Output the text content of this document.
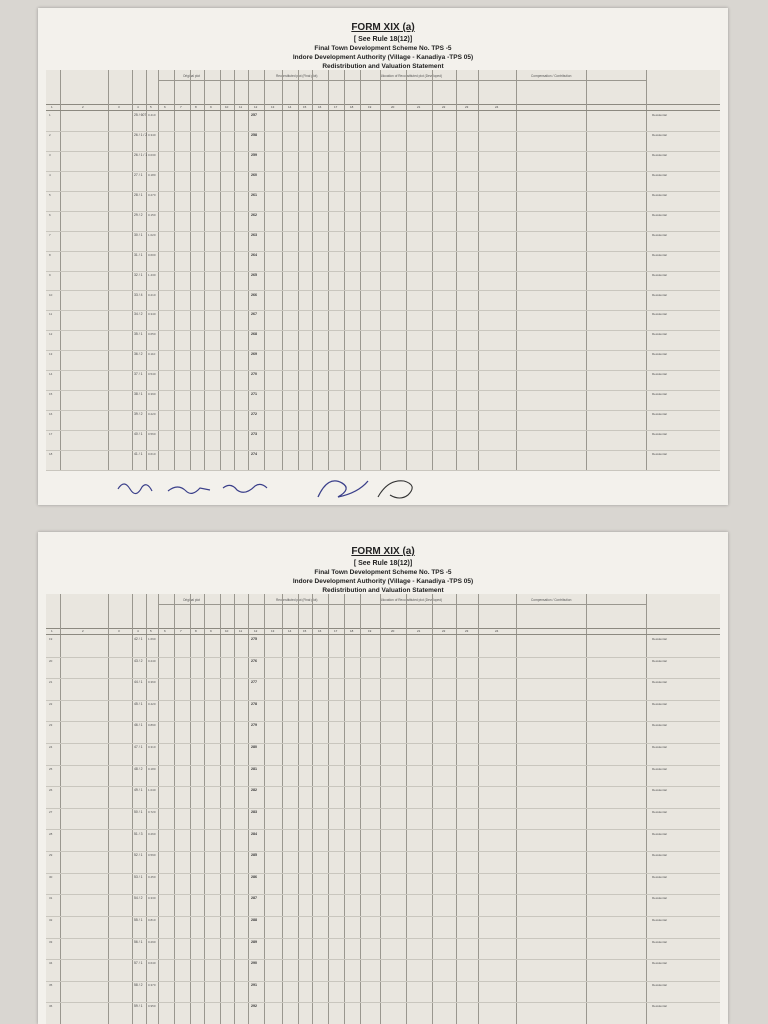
FORM XIX (a)
[ See Rule 18(12)]
Final Town Development Scheme No. TPS -5
Indore Development Authority (Village - Kanadiya -TPS 05)
Redistribution and Valuation Statement
Original plot	Reconstituted plot (Final plot)	Allocation of Reconstituted plot (Developed)	Compensation / Contribution
1	2	3	4	5	6	7	8	9	10	11	12	13	14	15	16	17	18	19	20	21	22	23	24
1	25 / 607 0.410	257	Residential
2	26 / 1 / 2 0.340	258	Residential
3	26 / 1 / 1 0.030	259	Residential
4	27 / 1 0.180	260	Residential
5	28 / 1 0.270	261	Residential
6	29 / 2 0.150	262	Residential
7	30 / 1 1.020	263	Residential
8	31 / 1 0.600	264	Residential
9	32 / 1 1.430	265	Residential
10	33 / 4 0.210	266	Residential
11	34 / 2 0.340	267	Residential
12	35 / 1 0.650	268	Residential
13	36 / 2 0.110	269	Residential
14	37 / 1 0.540	270	Residential
15	38 / 1 0.390	271	Residential
16	39 / 2 0.220	272	Residential
17	40 / 1 0.560	273	Residential
18	41 / 1 0.610	274	Residential
FORM XIX (a)
[ See Rule 18(12)]
Final Town Development Scheme No. TPS -5
Indore Development Authority (Village - Kanadiya -TPS 05)
Redistribution and Valuation Statement
Original plot	Reconstituted plot (Final plot)	Allocation of Reconstituted plot (Developed)	Compensation / Contribution
1	2	3	4	5	6	7	8	9	10	11	12	13	14	15	16	17	18	19	20	21	22	23	24
19	42 / 1 1.690	275	Residential
20	43 / 2 0.240	276	Residential
21	44 / 1 0.360	277	Residential
22	45 / 1 0.420	278	Residential
23	46 / 1 0.890	279	Residential
24	47 / 1 0.310	280	Residential
25	48 / 2 0.180	281	Residential
26	49 / 1 1.040	282	Residential
27	50 / 1 0.720	283	Residential
28	51 / 3 0.260	284	Residential
29	52 / 1 0.590	285	Residential
30	53 / 1 0.450	286	Residential
31	54 / 2 0.330	287	Residential
32	55 / 1 0.810	288	Residential
33	56 / 1 0.290	289	Residential
34	57 / 1 0.640	290	Residential
35	58 / 2 0.370	291	Residential
36	59 / 1 0.950	292	Residential
